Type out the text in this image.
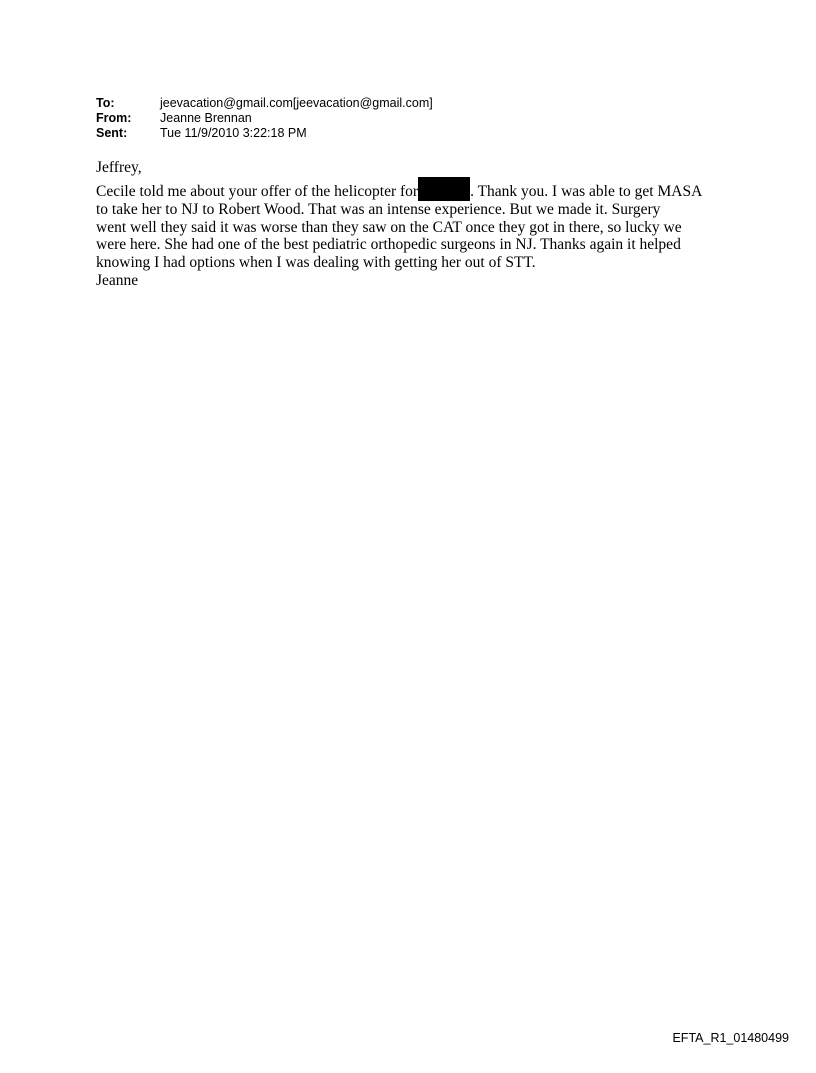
To:	jeevacation@gmail.com[jeevacation@gmail.com]
From:	Jeanne Brennan
Sent:	Tue 11/9/2010 3:22:18 PM
Jeffrey,
Cecile told me about your offer of the helicopter for	. Thank you. I was able to get MASA
to take her to NJ to Robert Wood. That was an intense experience. But we made it. Surgery
went well they said it was worse than they saw on the CAT once they got in there, so lucky we
were here. She had one of the best pediatric orthopedic surgeons in NJ. Thanks again it helped
knowing I had options when I was dealing with getting her out of STT.
Jeanne
EFTA_R1_01480499
